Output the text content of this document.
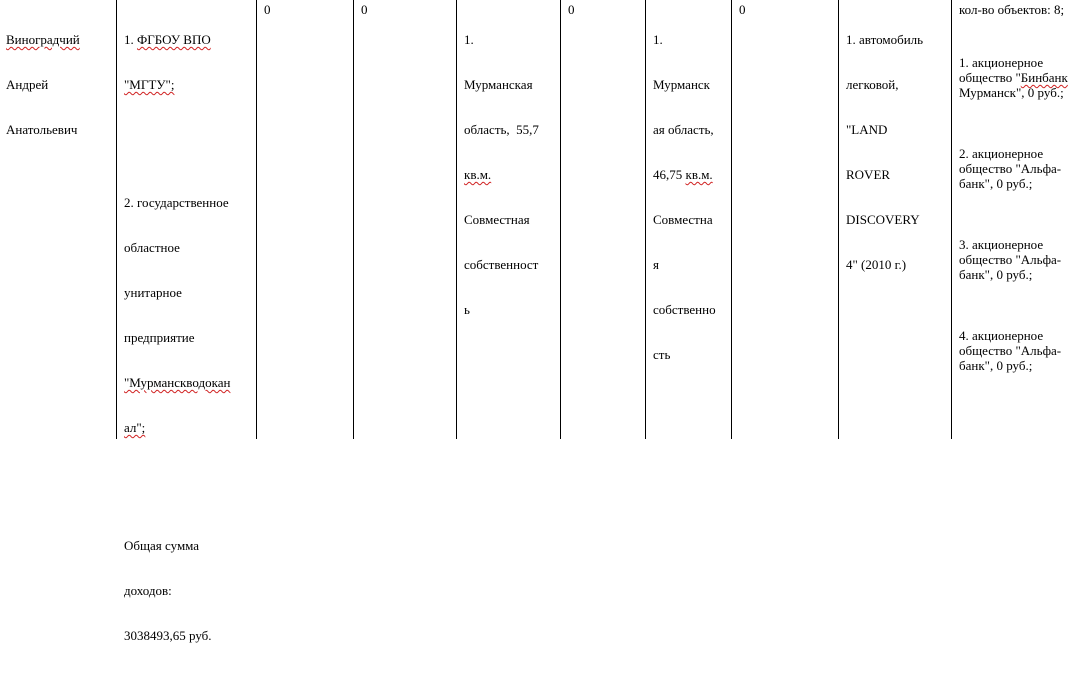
Виноградчий

Андрей

Анатольевич

1. ФГБОУ ВПО

"МГТУ";

2. государственное

областное

унитарное

предприятие

"Мурманскводокан

ал";

Общая сумма

доходов:

3038493,65 руб.

0	0

1.

Мурманская

область,  55,7

кв.м.

Совместная

собственност

ь

0

1.

Мурманск

ая область,

46,75 кв.м.

Совместна

я

собственно

сть

0

1. автомобиль

легковой,

"LAND

ROVER

DISCOVERY

4" (2010 г.)

кол-во объектов: 8;
1. акционерное
общество "Бинбанк
Мурманск", 0 руб.;
2. акционерное
общество "Альфа-
банк", 0 руб.;
3. акционерное
общество "Альфа-
банк", 0 руб.;
4. акционерное
общество "Альфа-
банк", 0 руб.;
